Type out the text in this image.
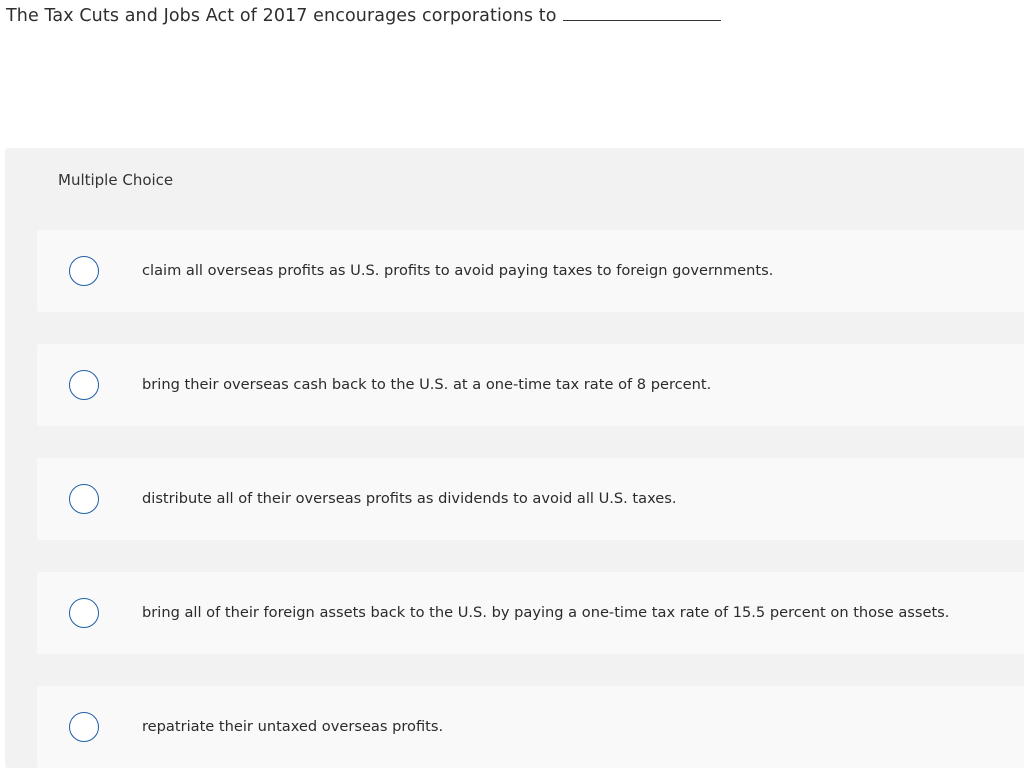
The Tax Cuts and Jobs Act of 2017 encourages corporations to
Multiple Choice
claim all overseas profits as U.S. profits to avoid paying taxes to foreign governments.
bring their overseas cash back to the U.S. at a one-time tax rate of 8 percent.
distribute all of their overseas profits as dividends to avoid all U.S. taxes.
bring all of their foreign assets back to the U.S. by paying a one-time tax rate of 15.5 percent on those assets.
repatriate their untaxed overseas profits.
